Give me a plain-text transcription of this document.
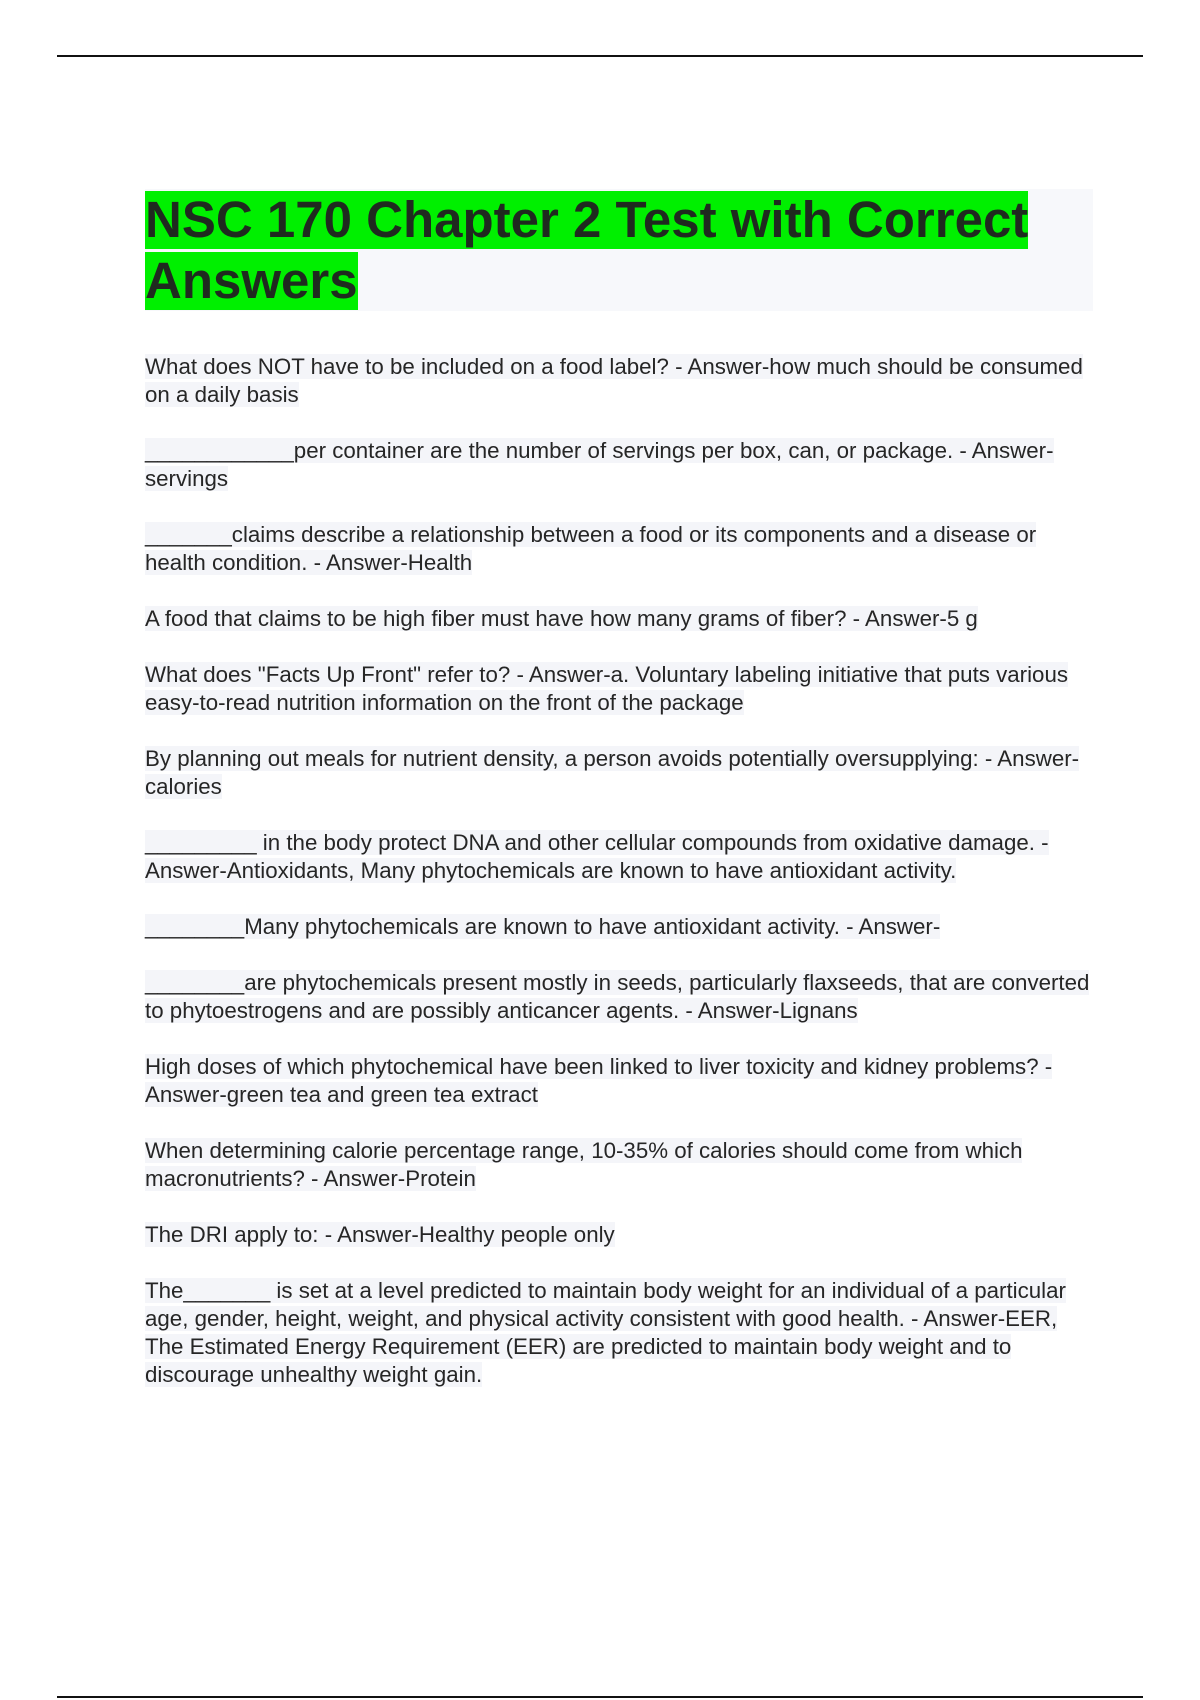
NSC 170 Chapter 2 Test with Correct Answers
What does NOT have to be included on a food label? - Answer-how much should be consumed on a daily basis
____________per container are the number of servings per box, can, or package. - Answer-servings
_______claims describe a relationship between a food or its components and a disease or health condition. - Answer-Health
A food that claims to be high fiber must have how many grams of fiber? - Answer-5 g
What does "Facts Up Front" refer to? - Answer-a. Voluntary labeling initiative that puts various easy-to-read nutrition information on the front of the package
By planning out meals for nutrient density, a person avoids potentially oversupplying: - Answer-calories
_________ in the body protect DNA and other cellular compounds from oxidative damage. - Answer-Antioxidants, Many phytochemicals are known to have antioxidant activity.
________Many phytochemicals are known to have antioxidant activity. - Answer-
________are phytochemicals present mostly in seeds, particularly flaxseeds, that are converted to phytoestrogens and are possibly anticancer agents. - Answer-Lignans
High doses of which phytochemical have been linked to liver toxicity and kidney problems? - Answer-green tea and green tea extract
When determining calorie percentage range, 10-35% of calories should come from which macronutrients? - Answer-Protein
The DRI apply to: - Answer-Healthy people only
The_______ is set at a level predicted to maintain body weight for an individual of a particular age, gender, height, weight, and physical activity consistent with good health. - Answer-EER, The Estimated Energy Requirement (EER) are predicted to maintain body weight and to discourage unhealthy weight gain.
